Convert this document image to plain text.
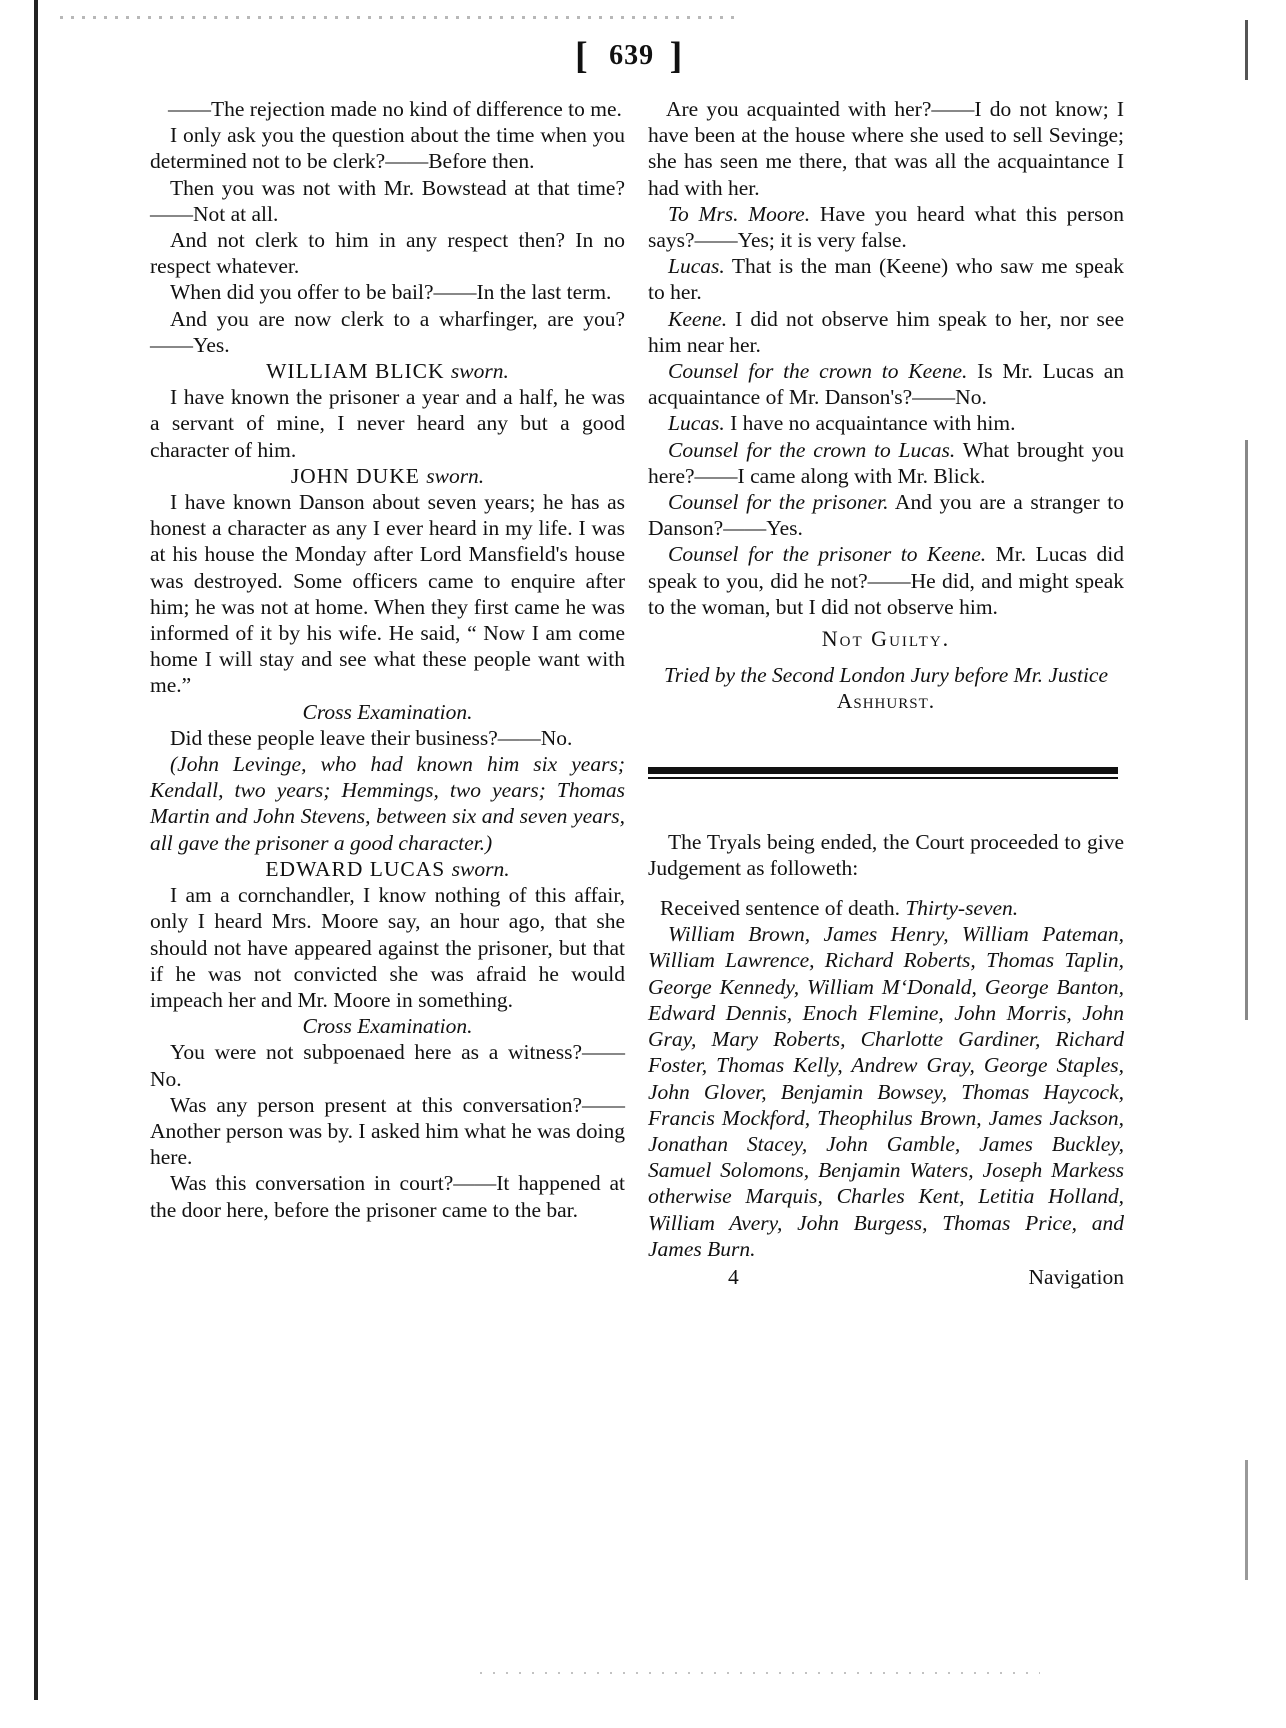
[ 639 ]

——The rejection made no kind of difference to me.

I only ask you the question about the time when you determined not to be clerk?——Before then.

Then you was not with Mr. Bowstead at that time?——Not at all.

And not clerk to him in any respect then? In no respect whatever.

When did you offer to be bail?——In the last term.

And you are now clerk to a wharfinger, are you?——Yes.

WILLIAM BLICK sworn.

I have known the prisoner a year and a half, he was a servant of mine, I never heard any but a good character of him.

JOHN DUKE sworn.

I have known Danson about seven years; he has as honest a character as any I ever heard in my life. I was at his house the Monday after Lord Mansfield's house was destroyed. Some officers came to enquire after him; he was not at home. When they first came he was informed of it by his wife. He said, “ Now I am come home I will stay and see what these people want with me.”

Cross Examination.

Did these people leave their business?——No.

(John Levinge, who had known him six years; Kendall, two years; Hemmings, two years; Thomas Martin and John Stevens, between six and seven years, all gave the prisoner a good character.)

EDWARD LUCAS sworn.

I am a cornchandler, I know nothing of this affair, only I heard Mrs. Moore say, an hour ago, that she should not have appeared against the prisoner, but that if he was not convicted she was afraid he would impeach her and Mr. Moore in something.

Cross Examination.

You were not subpoenaed here as a witness?——No.

Was any person present at this conversation?——Another person was by. I asked him what he was doing here.

Was this conversation in court?——It happened at the door here, before the prisoner came to the bar.

Are you acquainted with her?——I do not know; I have been at the house where she used to sell Sevinge; she has seen me there, that was all the acquaintance I had with her.

To Mrs. Moore. Have you heard what this person says?——Yes; it is very false.

Lucas. That is the man (Keene) who saw me speak to her.

Keene. I did not observe him speak to her, nor see him near her.

Counsel for the crown to Keene. Is Mr. Lucas an acquaintance of Mr. Danson's?——No.

Lucas. I have no acquaintance with him.

Counsel for the crown to Lucas. What brought you here?——I came along with Mr. Blick.

Counsel for the prisoner. And you are a stranger to Danson?——Yes.

Counsel for the prisoner to Keene. Mr. Lucas did speak to you, did he not?——He did, and might speak to the woman, but I did not observe him.

Not Guilty.

Tried by the Second London Jury before Mr. Justice Ashhurst.

The Tryals being ended, the Court proceeded to give Judgement as followeth:

Received sentence of death. Thirty-seven.

William Brown, James Henry, William Pateman, William Lawrence, Richard Roberts, Thomas Taplin, George Kennedy, William M‘Donald, George Banton, Edward Dennis, Enoch Flemine, John Morris, John Gray, Mary Roberts, Charlotte Gardiner, Richard Foster, Thomas Kelly, Andrew Gray, George Staples, John Glover, Benjamin Bowsey, Thomas Haycock, Francis Mockford, Theophilus Brown, James Jackson, Jonathan Stacey, John Gamble, James Buckley, Samuel Solomons, Benjamin Waters, Joseph Markess otherwise Marquis, Charles Kent, Letitia Holland, William Avery, John Burgess, Thomas Price, and James Burn.

4	Navigation
